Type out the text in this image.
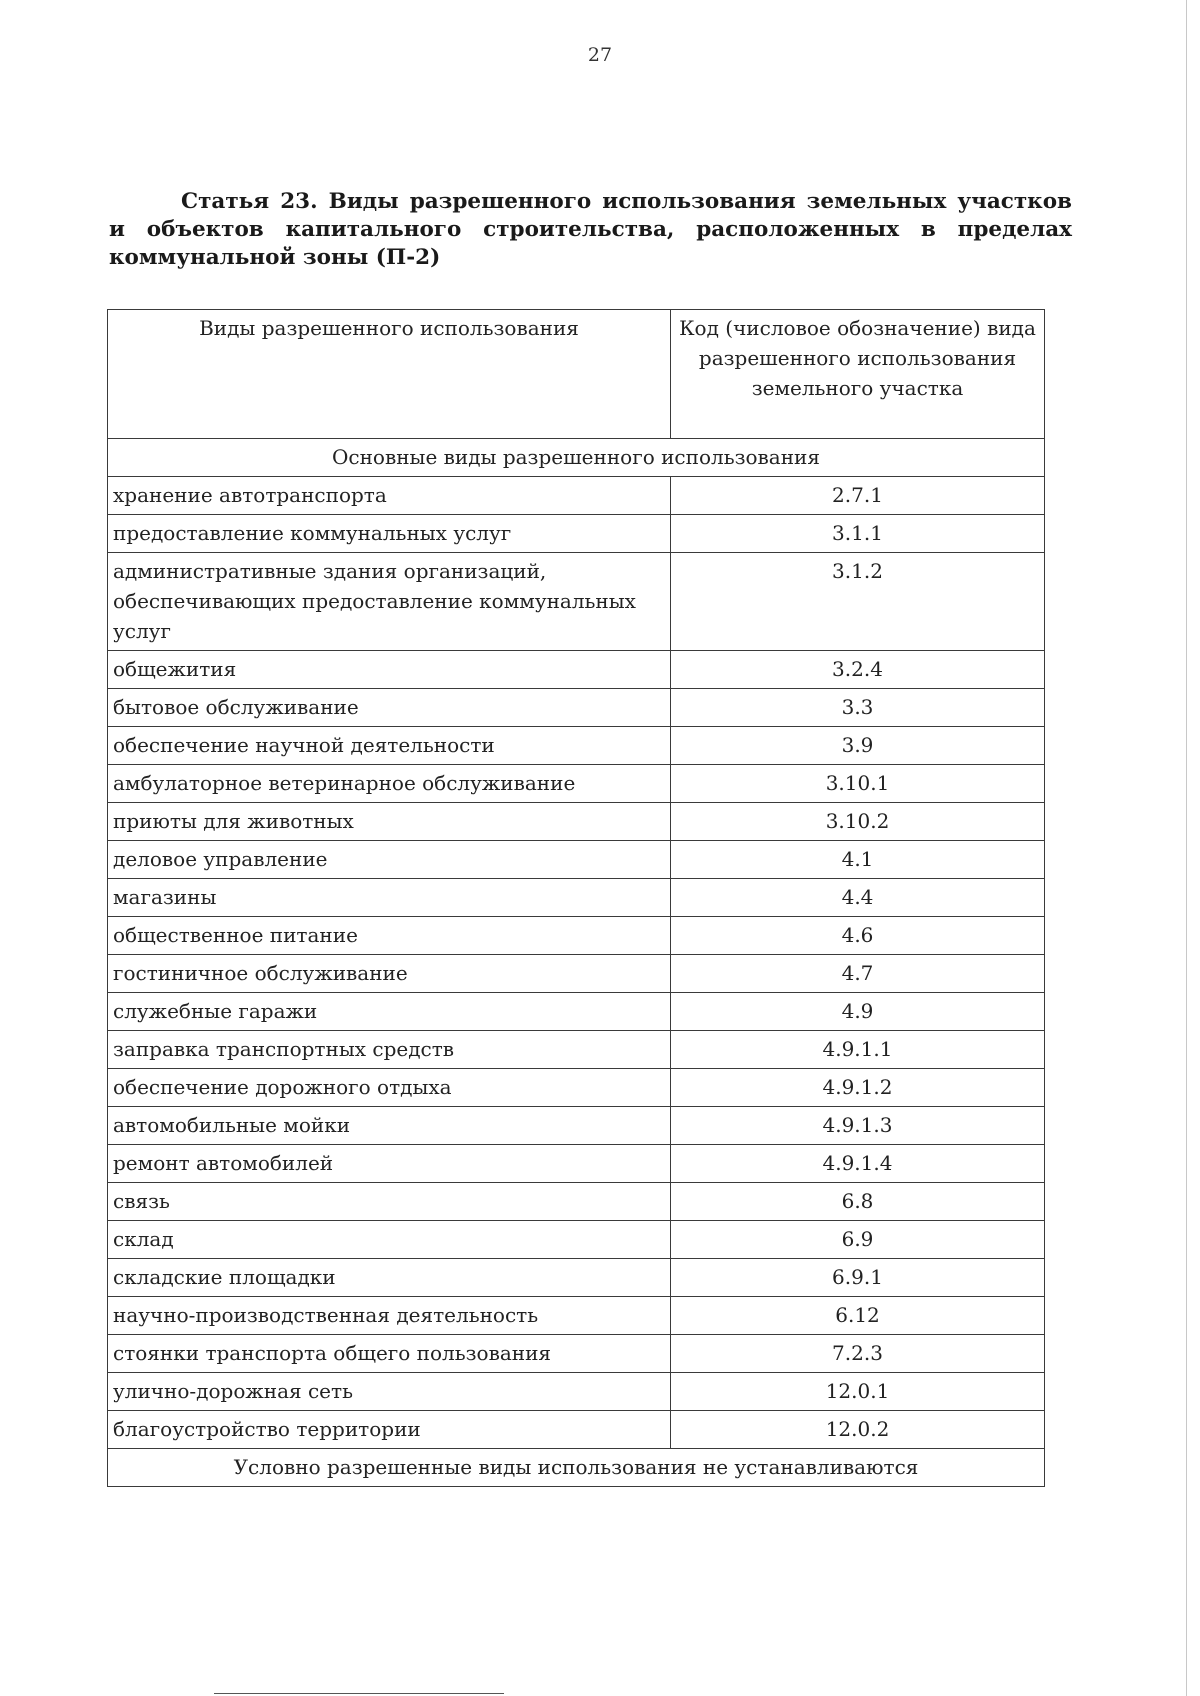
27
Статья 23. Виды разрешенного использования земельных участков и объектов капитального строительства, расположенных в пределах коммунальной зоны (П-2)
Виды разрешенного использования	Код (числовое обозначение) вида разрешенного использования земельного участка
Основные виды разрешенного использования	
хранение автотранспорта	2.7.1
предоставление коммунальных услуг	3.1.1
административные здания организаций, обеспечивающих предоставление коммунальных услуг	3.1.2
общежития	3.2.4
бытовое обслуживание	3.3
обеспечение научной деятельности	3.9
амбулаторное ветеринарное обслуживание	3.10.1
приюты для животных	3.10.2
деловое управление	4.1
магазины	4.4
общественное питание	4.6
гостиничное обслуживание	4.7
служебные гаражи	4.9
заправка транспортных средств	4.9.1.1
обеспечение дорожного отдыха	4.9.1.2
автомобильные мойки	4.9.1.3
ремонт автомобилей	4.9.1.4
связь	6.8
склад	6.9
складские площадки	6.9.1
научно-производственная деятельность	6.12
стоянки транспорта общего пользования	7.2.3
улично-дорожная сеть	12.0.1
благоустройство территории	12.0.2
Условно разрешенные виды использования не устанавливаются	
